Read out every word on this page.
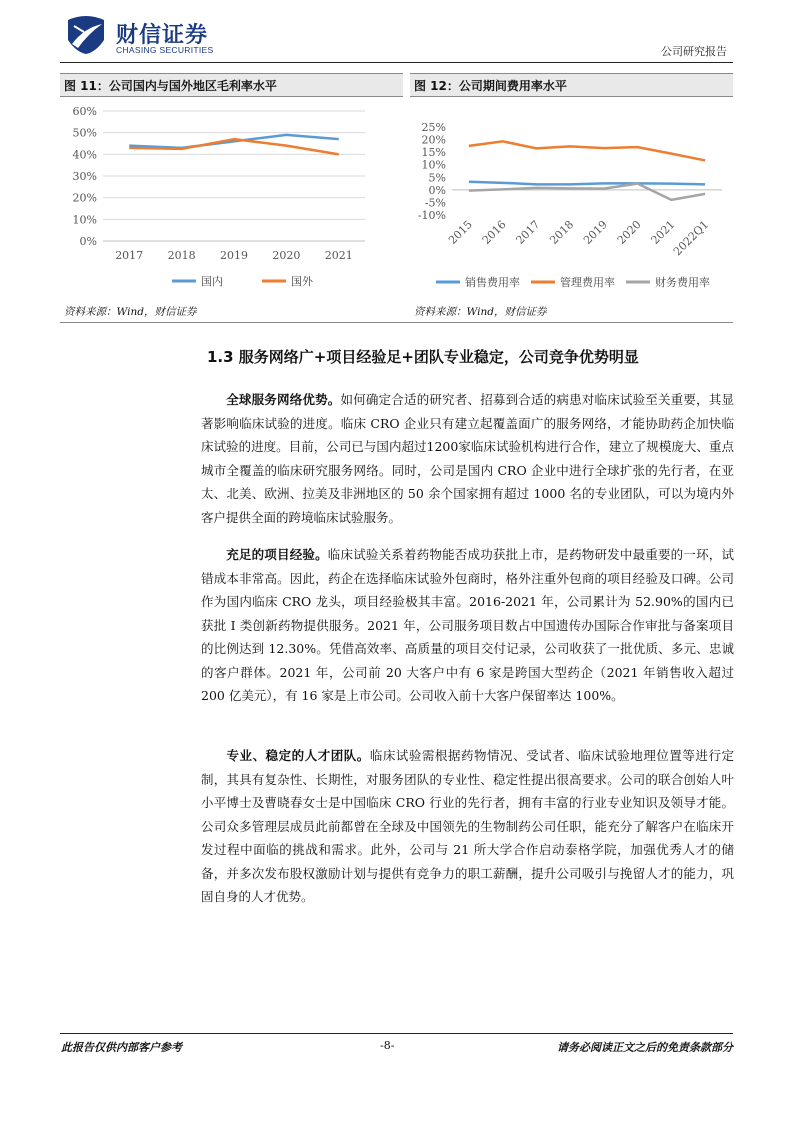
财信证券
CHASING SECURITIES	公司研究报告
图 11：公司国内与国外地区毛利率水平
0%
10%
20%
30%
40%
50%
60%
2017 2018 2019 2020 2021
国内	国外
资料来源：Wind，财信证券
图 12：公司期间费用率水平
-10%
-5%
0%
5%
10%
15%
20%
25%
2015 2016 2017 2018 2019 2020 2021
2022Q1
销售费用率	管理费用率	财务费用率
资料来源：Wind，财信证券
1.3 服务网络广+项目经验足+团队专业稳定，公司竞争优势明显
全球服务网络优势。如何确定合适的研究者、招募到合适的病患对临床试验至关重要，其显著影响临床试验的进度。临床 CRO 企业只有建立起覆盖面广的服务网络，才能协助药企加快临床试验的进度。目前，公司已与国内超过1200家临床试验机构进行合作，建立了规模庞大、重点城市全覆盖的临床研究服务网络。同时，公司是国内 CRO 企业中进行全球扩张的先行者，在亚太、北美、欧洲、拉美及非洲地区的 50 余个国家拥有超过 1000 名的专业团队，可以为境内外客户提供全面的跨境临床试验服务。
充足的项目经验。临床试验关系着药物能否成功获批上市，是药物研发中最重要的一环，试错成本非常高。因此，药企在选择临床试验外包商时，格外注重外包商的项目经验及口碑。公司作为国内临床 CRO 龙头，项目经验极其丰富。2016-2021 年，公司累计为 52.90%的国内已获批 I 类创新药物提供服务。2021 年，公司服务项目数占中国遗传办国际合作审批与备案项目的比例达到 12.30%。凭借高效率、高质量的项目交付记录，公司收获了一批优质、多元、忠诚的客户群体。2021 年，公司前 20 大客户中有 6 家是跨国大型药企（2021 年销售收入超过 200 亿美元），有 16 家是上市公司。公司收入前十大客户保留率达 100%。
专业、稳定的人才团队。临床试验需根据药物情况、受试者、临床试验地理位置等进行定制，其具有复杂性、长期性，对服务团队的专业性、稳定性提出很高要求。公司的联合创始人叶小平博士及曹晓春女士是中国临床 CRO 行业的先行者，拥有丰富的行业专业知识及领导才能。公司众多管理层成员此前都曾在全球及中国领先的生物制药公司任职，能充分了解客户在临床开发过程中面临的挑战和需求。此外，公司与 21 所大学合作启动泰格学院，加强优秀人才的储备，并多次发布股权激励计划与提供有竞争力的职工薪酬，提升公司吸引与挽留人才的能力，巩固自身的人才优势。
此报告仅供内部客户参考	-8-	请务必阅读正文之后的免责条款部分
